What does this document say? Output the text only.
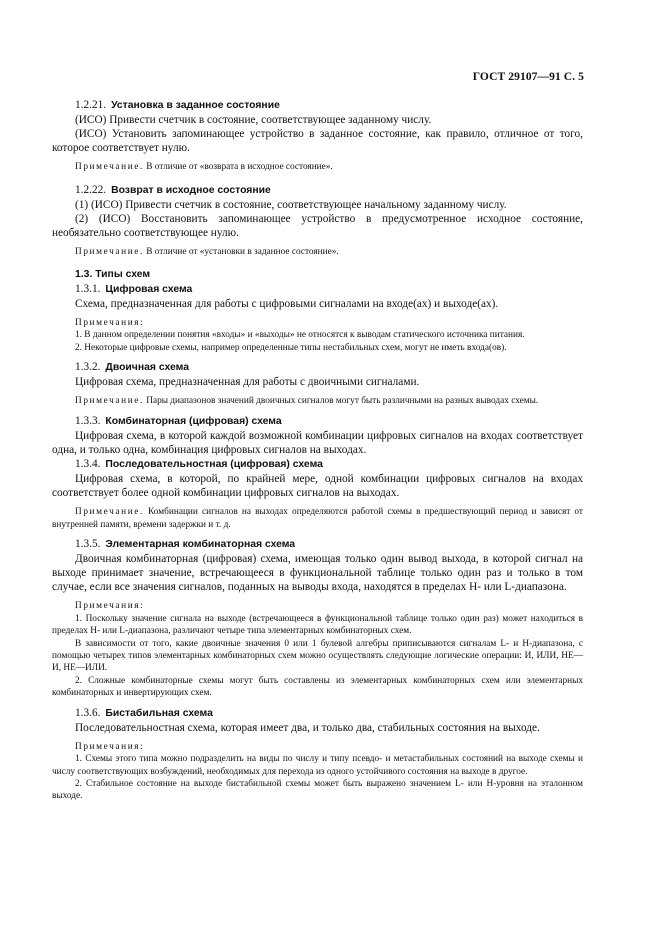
ГОСТ 29107—91 С. 5

1.2.21. Установка в заданное состояние

(ИСО) Привести счетчик в состояние, соответствующее заданному числу.

(ИСО) Установить запоминающее устройство в заданное состояние, как правило, отличное от того, которое соответствует нулю.

Примечание. В отличие от «возврата в исходное состояние».

1.2.22. Возврат в исходное состояние

(1) (ИСО) Привести счетчик в состояние, соответствующее начальному заданному числу.

(2) (ИСО) Восстановить запоминающее устройство в предусмотренное исходное состояние, необязательно соответствующее нулю.

Примечание. В отличие от «установки в заданное состояние».

1.3. Типы схем

1.3.1. Цифровая схема

Схема, предназначенная для работы с цифровыми сигналами на входе(ах) и выходе(ах).

Примечания:

1. В данном определении понятия «входы» и «выходы» не относятся к выводам статического источника питания.

2. Некоторые цифровые схемы, например определенные типы нестабильных схем, могут не иметь входа(ов).

1.3.2. Двоичная схема

Цифровая схема, предназначенная для работы с двоичными сигналами.

Примечание. Пары диапазонов значений двоичных сигналов могут быть различными на разных выводах схемы.

1.3.3. Комбинаторная (цифровая) схема

Цифровая схема, в которой каждой возможной комбинации цифровых сигналов на входах соответствует одна, и только одна, комбинация цифровых сигналов на выходах.

1.3.4. Последовательностная (цифровая) схема

Цифровая схема, в которой, по крайней мере, одной комбинации цифровых сигналов на входах соответствует более одной комбинации цифровых сигналов на выходах.

Примечание. Комбинации сигналов на выходах определяются работой схемы в предшествующий период и зависят от внутренней памяти, времени задержки и т. д.

1.3.5. Элементарная комбинаторная схема

Двоичная комбинаторная (цифровая) схема, имеющая только один вывод выхода, в которой сигнал на выходе принимает значение, встречающееся в функциональной таблице только один раз и только в том случае, если все значения сигналов, поданных на выводы входа, находятся в пределах H- или L-диапазона.

Примечания:

1. Поскольку значение сигнала на выходе (встречающееся в функциональной таблице только один раз) может находиться в пределах H- или L-диапазона, различают четыре типа элементарных комбинаторных схем.

В зависимости от того, какие двоичные значения 0 или 1 булевой алгебры приписываются сигналам L- и H-диапазона, с помощью четырех типов элементарных комбинаторных схем можно осуществлять следующие логические операции: И, ИЛИ, НЕ—И, НЕ—ИЛИ.

2. Сложные комбинаторные схемы могут быть составлены из элементарных комбинаторных схем или элементарных комбинаторных и инвертирующих схем.

1.3.6. Бистабильная схема

Последовательностная схема, которая имеет два, и только два, стабильных состояния на выходе.

Примечания:

1. Схемы этого типа можно подразделить на виды по числу и типу псевдо- и метастабильных состояний на выходе схемы и числу соответствующих возбуждений, необходимых для перехода из одного устойчивого состояния на выходе в другое.

2. Стабильное состояние на выходе бистабильной схемы может быть выражено значением L- или H-уровня на эталонном выходе.
